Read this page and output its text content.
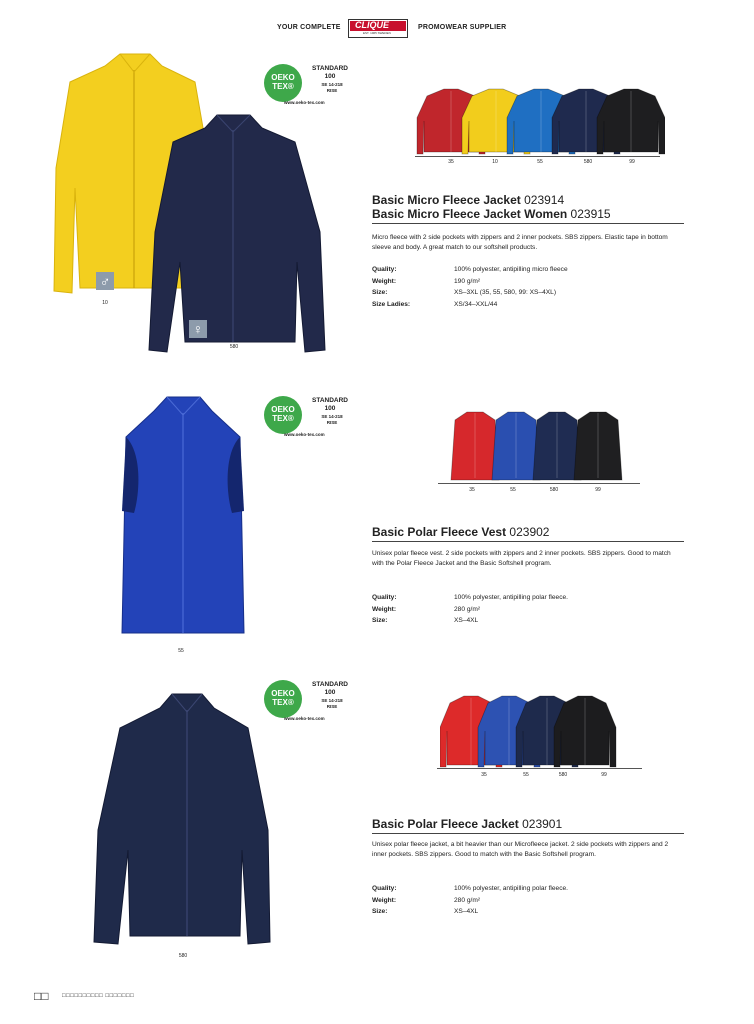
YOUR COMPLETE CLIQUE
EST. 1965 SWEDEN
PROMOWEAR SUPPLIER
♂
♀
10
580
OEKO
TEX®
STANDARD
100
SE 14-218
RISE
www.oeko-tex.com
35	10	55	580	99
Basic Micro Fleece Jacket 023914
Basic Micro Fleece Jacket Women 023915
Micro fleece with 2 side pockets with zippers and 2 inner pockets. SBS zippers. Elastic tape in bottom sleeve and body. A great match to our softshell products.
Quality:	100% polyester, antipilling micro fleece
Weight:	190 g/m²
Size:	XS–3XL (35, 55, 580, 99: XS–4XL)
Size Ladies:	XS/34–XXL/44
55
OEKO
TEX®
STANDARD
100
SE 14-218
RISE
www.oeko-tex.com
35	55	580	99
Basic Polar Fleece Vest 023902
Unisex polar fleece vest. 2 side pockets with zippers and 2 inner pockets. SBS zippers. Good to match with the Polar Fleece Jacket and the Basic Softshell program.
Quality:	100% polyester, antipilling polar fleece.
Weight:	280 g/m²
Size:	XS–4XL
580
OEKO
TEX®
STANDARD
100
SE 14-218
RISE
www.oeko-tex.com
35	55	580	99
Basic Polar Fleece Jacket 023901
Unisex polar fleece jacket, a bit heavier than our Microfleece jacket. 2 side pockets with zippers and 2 inner pockets. SBS zippers. Good to match with the Basic Softshell program.
Quality:	100% polyester, antipilling polar fleece.
Weight:	280 g/m²
Size:	XS–4XL
□□ □□□□□□□□□□ □□□□□□□
